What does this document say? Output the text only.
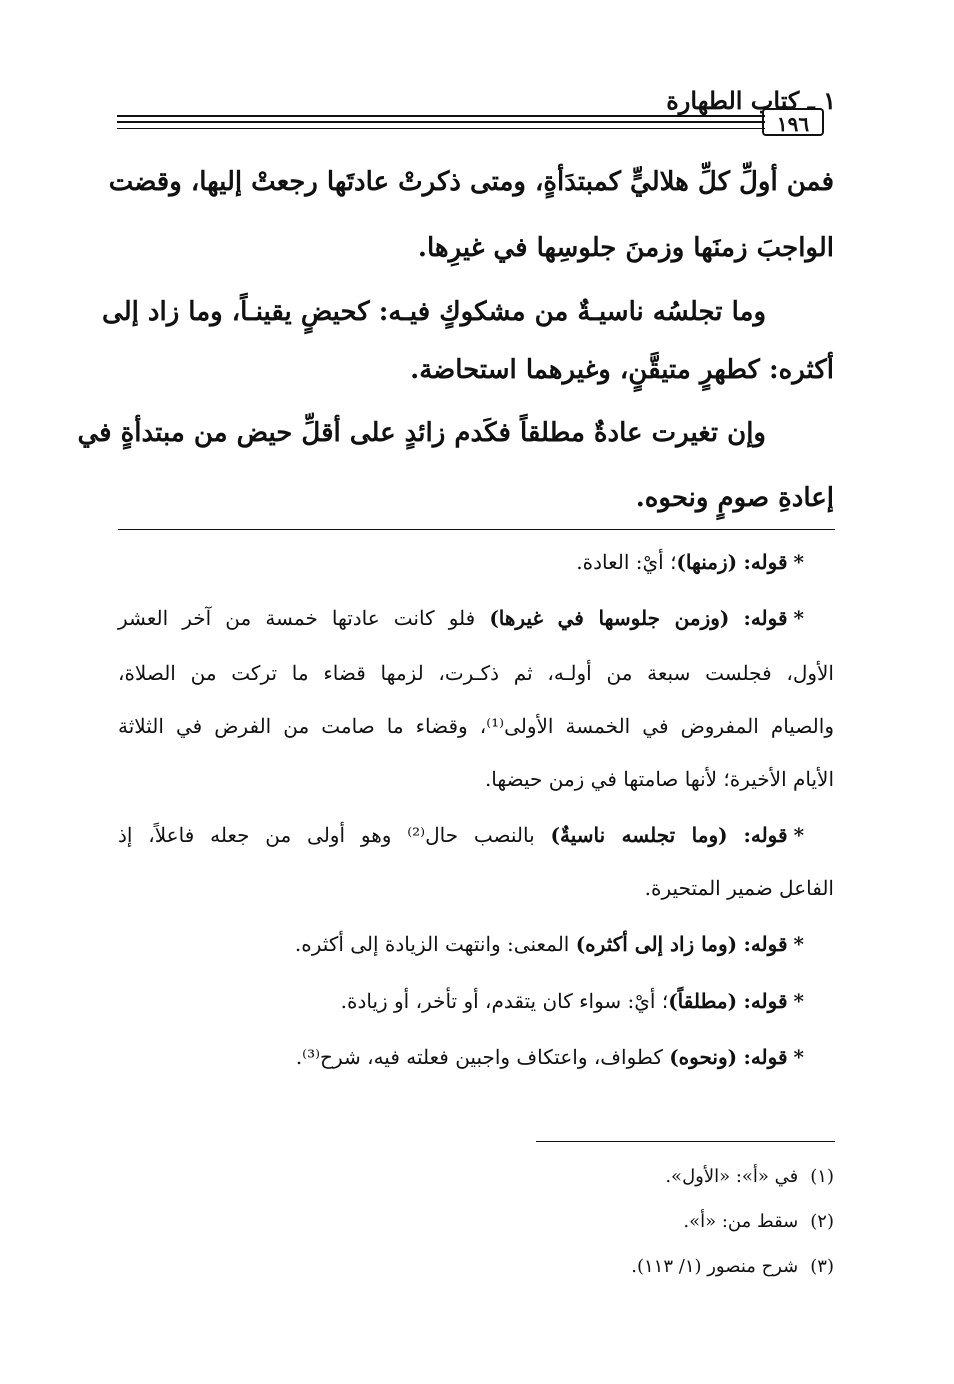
١ ـ كتاب الطهارة
١٩٦
فمن أولِّ كلِّ هلاليٍّ كمبتدَأةٍ، ومتى ذكرتْ عادتَها رجعتْ إليها، وقضت
الواجبَ زمنَها وزمنَ جلوسِها في غيرِها.
وما تجلسُه ناسيـةٌ من مشكوكٍ فيـه: كحيضٍ يقينـاً، وما زاد إلى
أكثره: كطهرٍ متيقَّنٍ، وغيرهما استحاضة.
وإن تغيرت عادةٌ مطلقاً فكَدم زائدٍ على أقلِّ حيض من مبتدأةٍ في
إعادةِ صومٍ ونحوه.
*قوله: (زمنها)؛ أيْ: العادة.
*قوله: (وزمن جلوسها في غيرها) فلو كانت عادتها خمسة من آخر العشر
الأول، فجلست سبعة من أولـه، ثم ذكـرت، لزمها قضاء ما تركت من الصلاة،
والصيام المفروض في الخمسة الأولى⁽¹⁾، وقضاء ما صامت من الفرض في الثلاثة
الأيام الأخيرة؛ لأنها صامتها في زمن حيضها.
*قوله: (وما تجلسه ناسيةٌ) بالنصب حال⁽²⁾ وهو أولى من جعله فاعلاً، إذ
الفاعل ضمير المتحيرة.
*قوله: (وما زاد إلى أكثره) المعنى: وانتهت الزيادة إلى أكثره.
*قوله: (مطلقاً)؛ أيْ: سواء كان يتقدم، أو تأخر، أو زيادة.
*قوله: (ونحوه) كطواف، واعتكاف واجبين فعلته فيه، شرح⁽³⁾.
(١)في «أ»: «الأول».
(٢)سقط من: «أ».
(٣)شرح منصور (١/ ١١٣).
